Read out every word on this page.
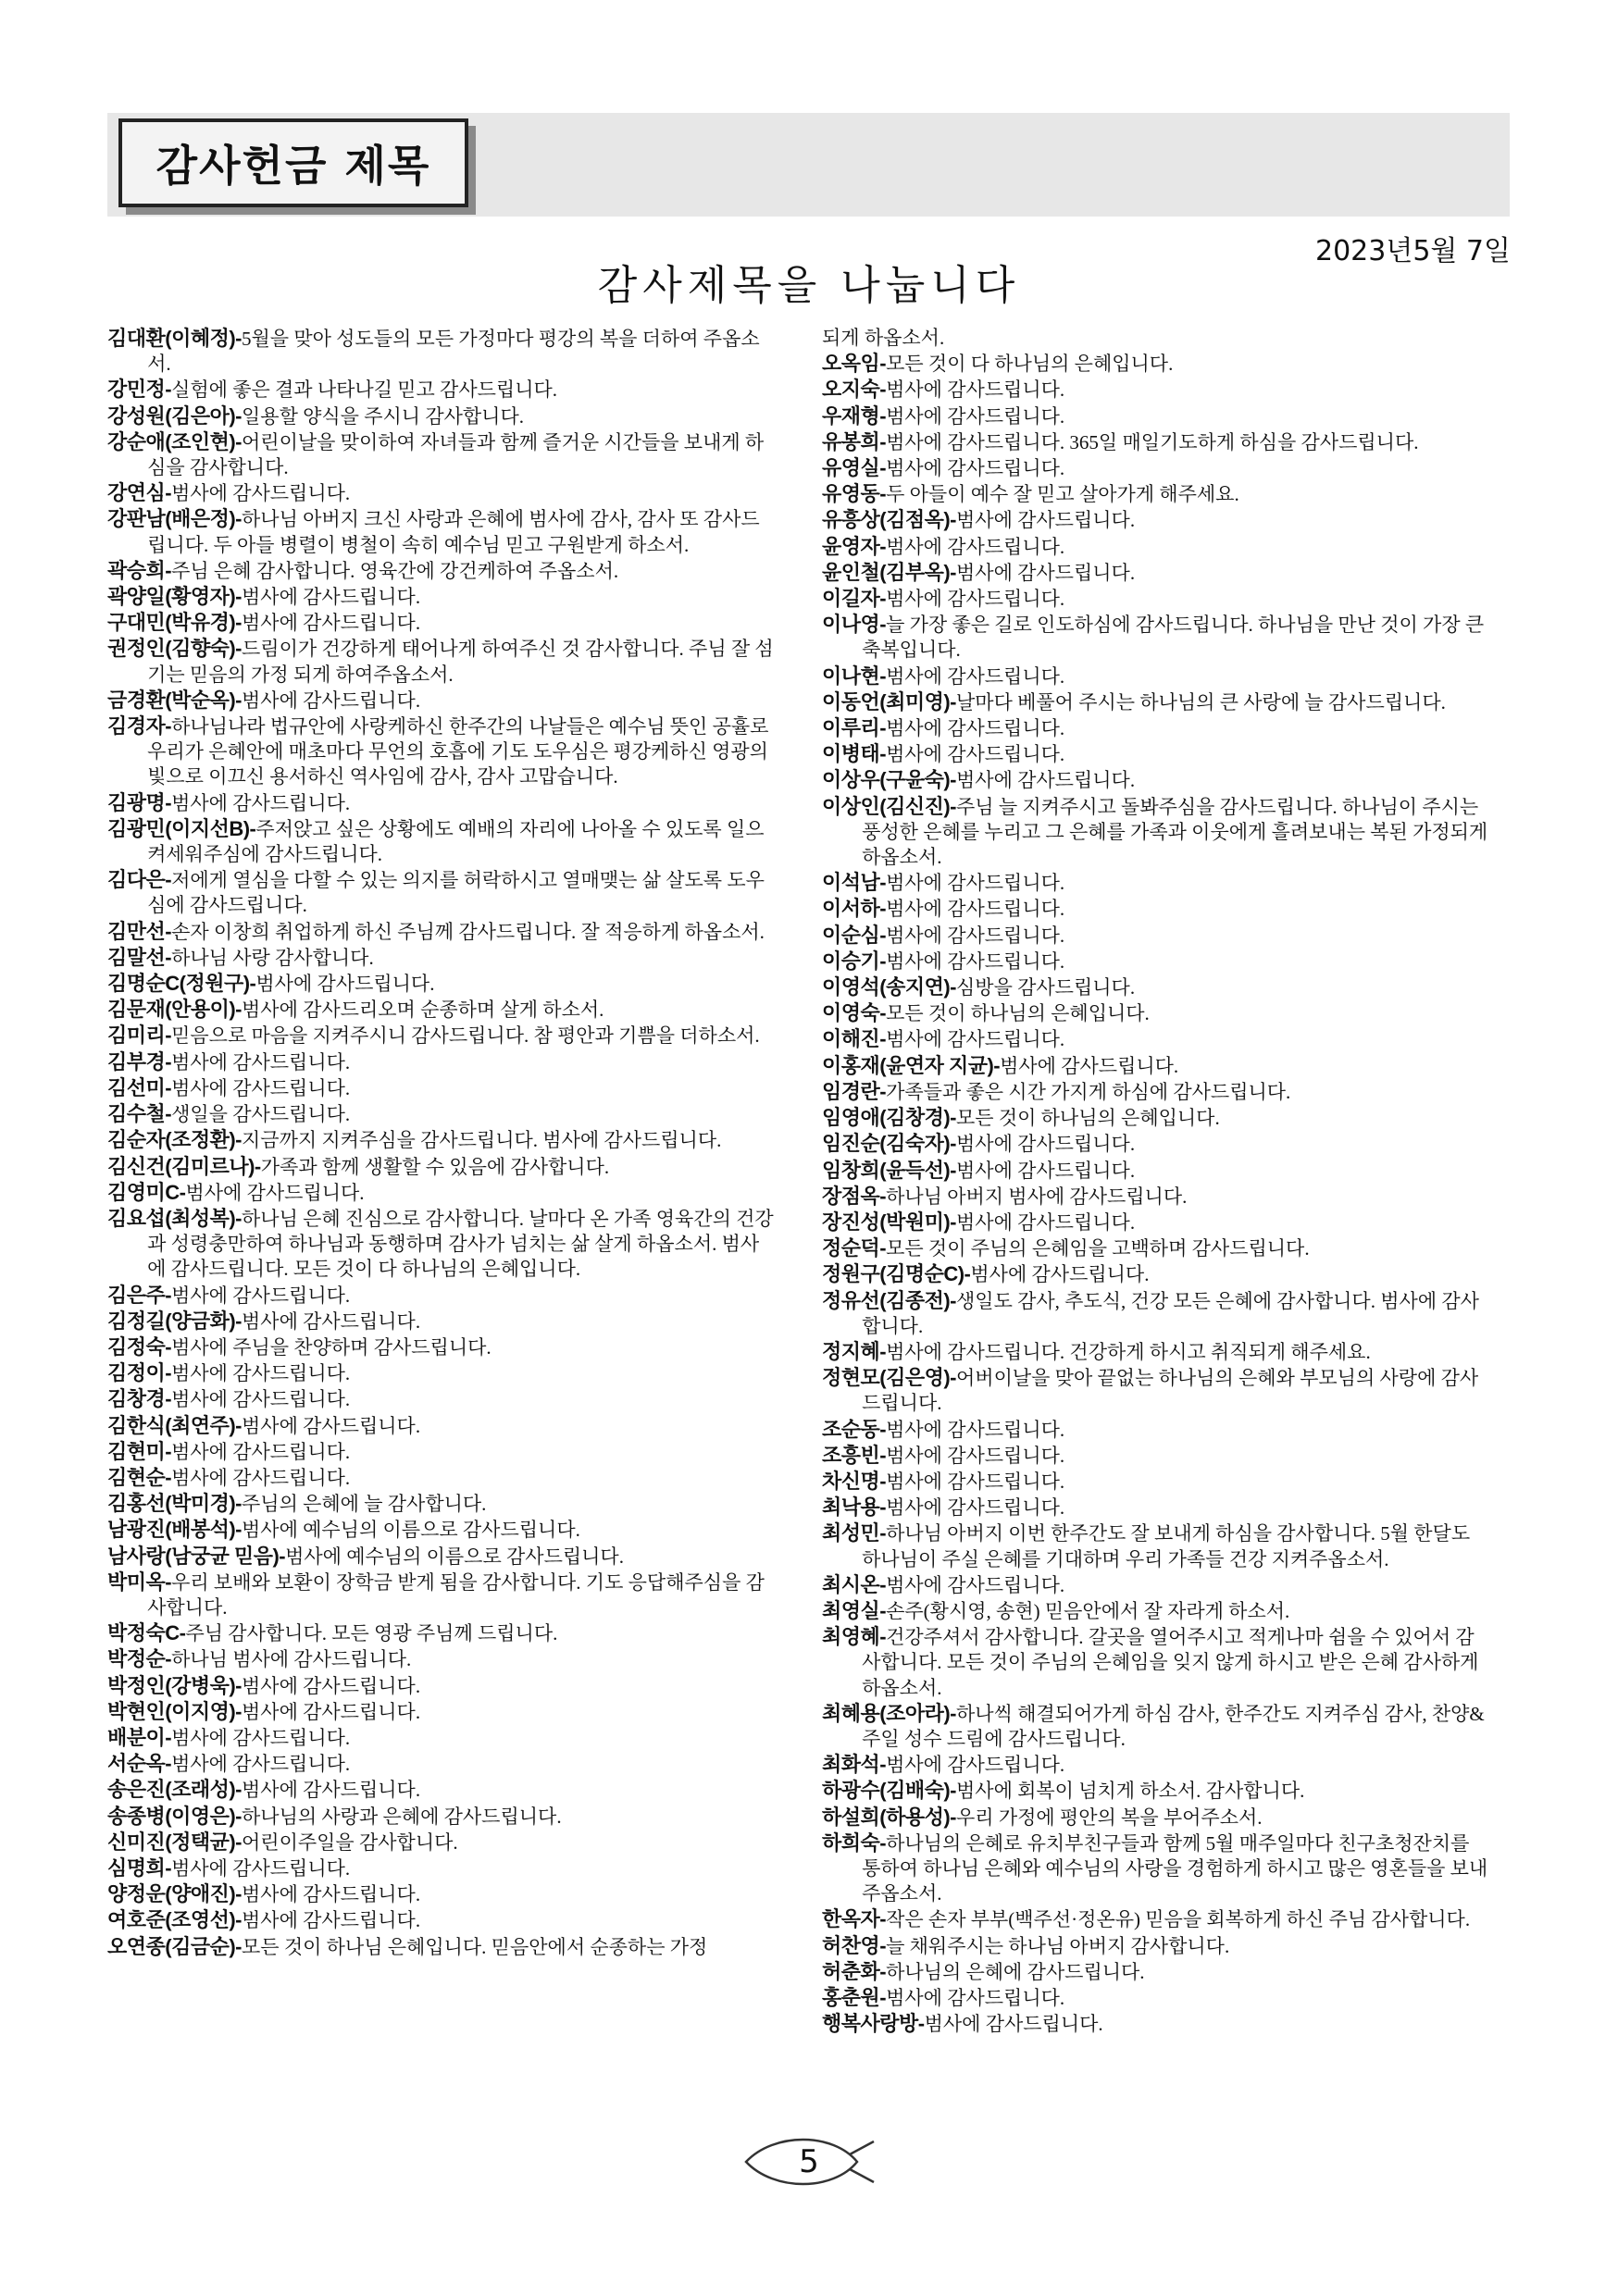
감사헌금 제목
2023년5월 7일
감사제목을 나눕니다
김대환(이혜정)-5월을 맞아 성도들의 모든 가정마다 평강의 복을 더하여 주옵소서.
강민정-실험에 좋은 결과 나타나길 믿고 감사드립니다.
강성원(김은아)-일용할 양식을 주시니 감사합니다.
강순애(조인현)-어린이날을 맞이하여 자녀들과 함께 즐거운 시간들을 보내게 하심을 감사합니다.
강연심-범사에 감사드립니다.
강판남(배은정)-하나님 아버지 크신 사랑과 은혜에 범사에 감사, 감사 또 감사드립니다. 두 아들 병렬이 병철이 속히 예수님 믿고 구원받게 하소서.
곽승희-주님 은혜 감사합니다. 영육간에 강건케하여 주옵소서.
곽양일(황영자)-범사에 감사드립니다.
구대민(박유경)-범사에 감사드립니다.
권정인(김향숙)-드림이가 건강하게 태어나게 하여주신 것 감사합니다. 주님 잘 섬기는 믿음의 가정 되게 하여주옵소서.
금경환(박순옥)-범사에 감사드립니다.
김경자-하나님나라 법규안에 사랑케하신 한주간의 나날들은 예수님 뜻인 공휼로 우리가 은혜안에 매초마다 무언의 호흡에 기도 도우심은 평강케하신 영광의 빛으로 이끄신 용서하신 역사임에 감사, 감사 고맙습니다.
김광명-범사에 감사드립니다.
김광민(이지선B)-주저앉고 싶은 상황에도 예배의 자리에 나아올 수 있도록 일으켜세워주심에 감사드립니다.
김다은-저에게 열심을 다할 수 있는 의지를 허락하시고 열매맺는 삶 살도록 도우심에 감사드립니다.
김만선-손자 이창희 취업하게 하신 주님께 감사드립니다. 잘 적응하게 하옵소서.
김말선-하나님 사랑 감사합니다.
김명순C(정원구)-범사에 감사드립니다.
김문재(안용이)-범사에 감사드리오며 순종하며 살게 하소서.
김미리-믿음으로 마음을 지켜주시니 감사드립니다. 참 평안과 기쁨을 더하소서.
김부경-범사에 감사드립니다.
김선미-범사에 감사드립니다.
김수철-생일을 감사드립니다.
김순자(조정환)-지금까지 지켜주심을 감사드립니다. 범사에 감사드립니다.
김신건(김미르나)-가족과 함께 생활할 수 있음에 감사합니다.
김영미C-범사에 감사드립니다.
김요섭(최성복)-하나님 은혜 진심으로 감사합니다. 날마다 온 가족 영육간의 건강과 성령충만하여 하나님과 동행하며 감사가 넘치는 삶 살게 하옵소서. 범사에 감사드립니다. 모든 것이 다 하나님의 은혜입니다.
김은주-범사에 감사드립니다.
김정길(양금화)-범사에 감사드립니다.
김정숙-범사에 주님을 찬양하며 감사드립니다.
김정이-범사에 감사드립니다.
김창경-범사에 감사드립니다.
김한식(최연주)-범사에 감사드립니다.
김현미-범사에 감사드립니다.
김현순-범사에 감사드립니다.
김홍선(박미경)-주님의 은혜에 늘 감사합니다.
남광진(배봉석)-범사에 예수님의 이름으로 감사드립니다.
남사랑(남궁균 믿음)-범사에 예수님의 이름으로 감사드립니다.
박미옥-우리 보배와 보환이 장학금 받게 됨을 감사합니다. 기도 응답해주심을 감사합니다.
박정숙C-주님 감사합니다. 모든 영광 주님께 드립니다.
박정순-하나님 범사에 감사드립니다.
박정인(강병욱)-범사에 감사드립니다.
박현인(이지영)-범사에 감사드립니다.
배분이-범사에 감사드립니다.
서순옥-범사에 감사드립니다.
송은진(조래성)-범사에 감사드립니다.
송종병(이영은)-하나님의 사랑과 은혜에 감사드립니다.
신미진(정택균)-어린이주일을 감사합니다.
심명희-범사에 감사드립니다.
양정운(양애진)-범사에 감사드립니다.
여호준(조영선)-범사에 감사드립니다.
오연종(김금순)-모든 것이 하나님 은혜입니다. 믿음안에서 순종하는 가정
되게 하옵소서.
오옥임-모든 것이 다 하나님의 은혜입니다.
오지숙-범사에 감사드립니다.
우재형-범사에 감사드립니다.
유봉희-범사에 감사드립니다. 365일 매일기도하게 하심을 감사드립니다.
유영실-범사에 감사드립니다.
유영동-두 아들이 예수 잘 믿고 살아가게 해주세요.
유흥상(김점옥)-범사에 감사드립니다.
윤영자-범사에 감사드립니다.
윤인철(김부옥)-범사에 감사드립니다.
이길자-범사에 감사드립니다.
이나영-늘 가장 좋은 길로 인도하심에 감사드립니다. 하나님을 만난 것이 가장 큰 축복입니다.
이나현-범사에 감사드립니다.
이동언(최미영)-날마다 베풀어 주시는 하나님의 큰 사랑에 늘 감사드립니다.
이루리-범사에 감사드립니다.
이병태-범사에 감사드립니다.
이상우(구윤숙)-범사에 감사드립니다.
이상인(김신진)-주님 늘 지켜주시고 돌봐주심을 감사드립니다. 하나님이 주시는 풍성한 은혜를 누리고 그 은혜를 가족과 이웃에게 흘려보내는 복된 가정되게 하옵소서.
이석남-범사에 감사드립니다.
이서하-범사에 감사드립니다.
이순심-범사에 감사드립니다.
이승기-범사에 감사드립니다.
이영석(송지연)-심방을 감사드립니다.
이영숙-모든 것이 하나님의 은혜입니다.
이해진-범사에 감사드립니다.
이홍재(윤연자 지균)-범사에 감사드립니다.
임경란-가족들과 좋은 시간 가지게 하심에 감사드립니다.
임영애(김창경)-모든 것이 하나님의 은혜입니다.
임진순(김숙자)-범사에 감사드립니다.
임창희(윤득선)-범사에 감사드립니다.
장점옥-하나님 아버지 범사에 감사드립니다.
장진성(박원미)-범사에 감사드립니다.
정순덕-모든 것이 주님의 은혜임을 고백하며 감사드립니다.
정원구(김명순C)-범사에 감사드립니다.
정유선(김종전)-생일도 감사, 추도식, 건강 모든 은혜에 감사합니다. 범사에 감사합니다.
정지혜-범사에 감사드립니다. 건강하게 하시고 취직되게 해주세요.
정현모(김은영)-어버이날을 맞아 끝없는 하나님의 은혜와 부모님의 사랑에 감사드립니다.
조순동-범사에 감사드립니다.
조흥빈-범사에 감사드립니다.
차신명-범사에 감사드립니다.
최낙용-범사에 감사드립니다.
최성민-하나님 아버지 이번 한주간도 잘 보내게 하심을 감사합니다. 5월 한달도 하나님이 주실 은혜를 기대하며 우리 가족들 건강 지켜주옵소서.
최시온-범사에 감사드립니다.
최영실-손주(황시영, 송현) 믿음안에서 잘 자라게 하소서.
최영혜-건강주셔서 감사합니다. 갈곳을 열어주시고 적게나마 쉼을 수 있어서 감사합니다. 모든 것이 주님의 은혜임을 잊지 않게 하시고 받은 은혜 감사하게 하옵소서.
최혜용(조아라)-하나씩 해결되어가게 하심 감사, 한주간도 지켜주심 감사, 찬양&주일 성수 드림에 감사드립니다.
최화석-범사에 감사드립니다.
하광수(김배숙)-범사에 회복이 넘치게 하소서. 감사합니다.
하설희(하용성)-우리 가정에 평안의 복을 부어주소서.
하희숙-하나님의 은혜로 유치부친구들과 함께 5월 매주일마다 친구초청잔치를 통하여 하나님 은혜와 예수님의 사랑을 경험하게 하시고 많은 영혼들을 보내주옵소서.
한옥자-작은 손자 부부(백주선·정온유) 믿음을 회복하게 하신 주님 감사합니다.
허찬영-늘 채워주시는 하나님 아버지 감사합니다.
허춘화-하나님의 은혜에 감사드립니다.
홍춘원-범사에 감사드립니다.
행복사랑방-범사에 감사드립니다.
5
